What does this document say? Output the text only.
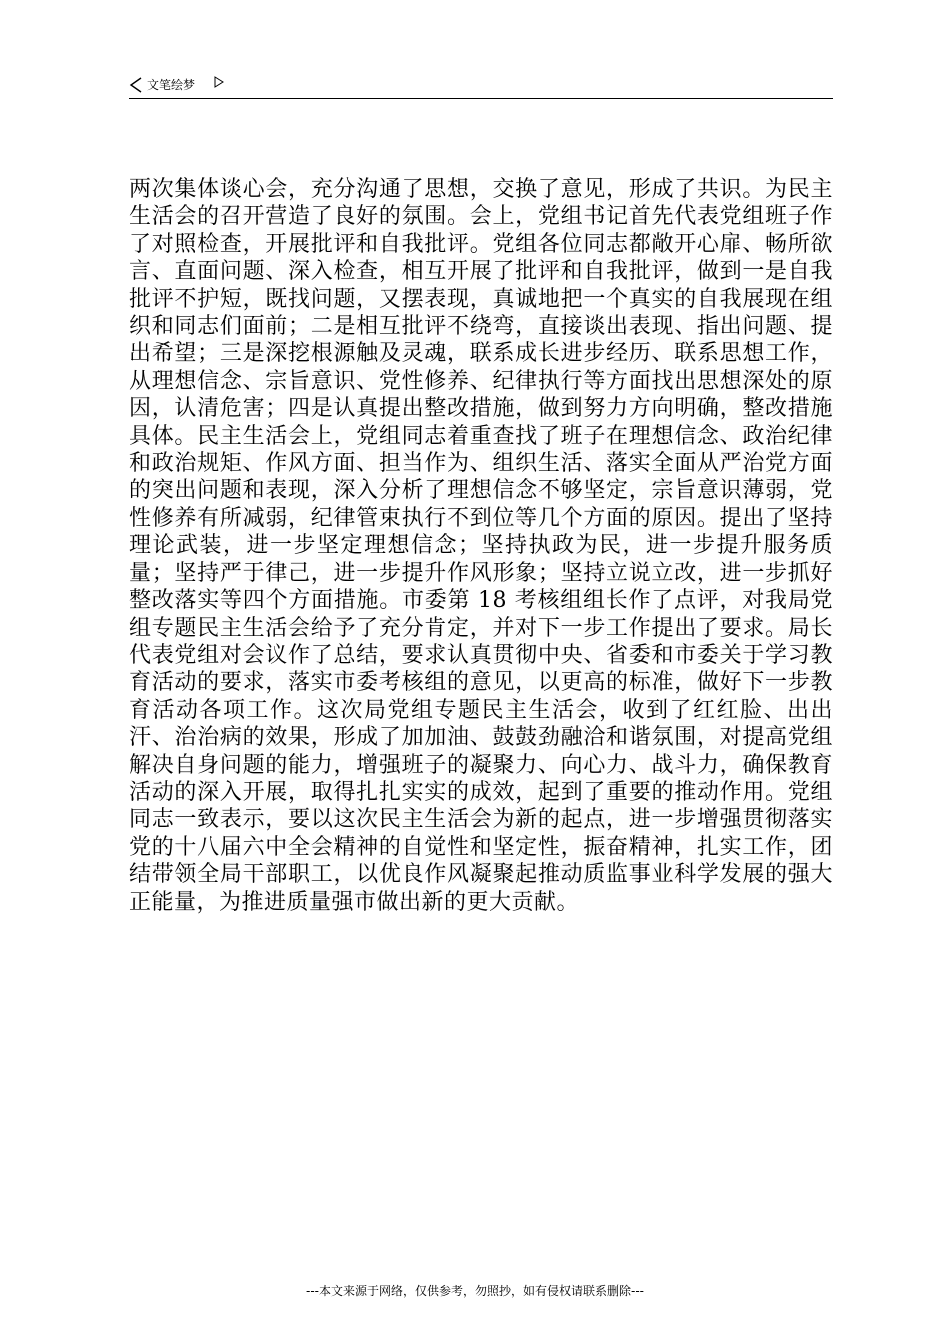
文笔绘梦

两次集体谈心会，充分沟通了思想，交换了意见，形成了共识。为民主生活会的召开营造了良好的氛围。会上，党组书记首先代表党组班子作了对照检查，开展批评和自我批评。党组各位同志都敞开心扉、畅所欲言、直面问题、深入检查，相互开展了批评和自我批评，做到一是自我批评不护短，既找问题，又摆表现，真诚地把一个真实的自我展现在组织和同志们面前；二是相互批评不绕弯，直接谈出表现、指出问题、提出希望；三是深挖根源触及灵魂，联系成长进步经历、联系思想工作，从理想信念、宗旨意识、党性修养、纪律执行等方面找出思想深处的原因，认清危害；四是认真提出整改措施，做到努力方向明确，整改措施具体。民主生活会上，党组同志着重查找了班子在理想信念、政治纪律和政治规矩、作风方面、担当作为、组织生活、落实全面从严治党方面的突出问题和表现，深入分析了理想信念不够坚定，宗旨意识薄弱，党性修养有所减弱，纪律管束执行不到位等几个方面的原因。提出了坚持理论武装，进一步坚定理想信念；坚持执政为民，进一步提升服务质量；坚持严于律己，进一步提升作风形象；坚持立说立改，进一步抓好整改落实等四个方面措施。市委第 18 考核组组长作了点评，对我局党组专题民主生活会给予了充分肯定，并对下一步工作提出了要求。局长代表党组对会议作了总结，要求认真贯彻中央、省委和市委关于学习教育活动的要求，落实市委考核组的意见，以更高的标准，做好下一步教育活动各项工作。这次局党组专题民主生活会，收到了红红脸、出出汗、治治病的效果，形成了加加油、鼓鼓劲融洽和谐氛围，对提高党组解决自身问题的能力，增强班子的凝聚力、向心力、战斗力，确保教育活动的深入开展，取得扎扎实实的成效，起到了重要的推动作用。党组同志一致表示，要以这次民主生活会为新的起点，进一步增强贯彻落实党的十八届六中全会精神的自觉性和坚定性，振奋精神，扎实工作，团结带领全局干部职工，以优良作风凝聚起推动质监事业科学发展的强大正能量，为推进质量强市做出新的更大贡献。

---本文来源于网络，仅供参考，勿照抄，如有侵权请联系删除---
